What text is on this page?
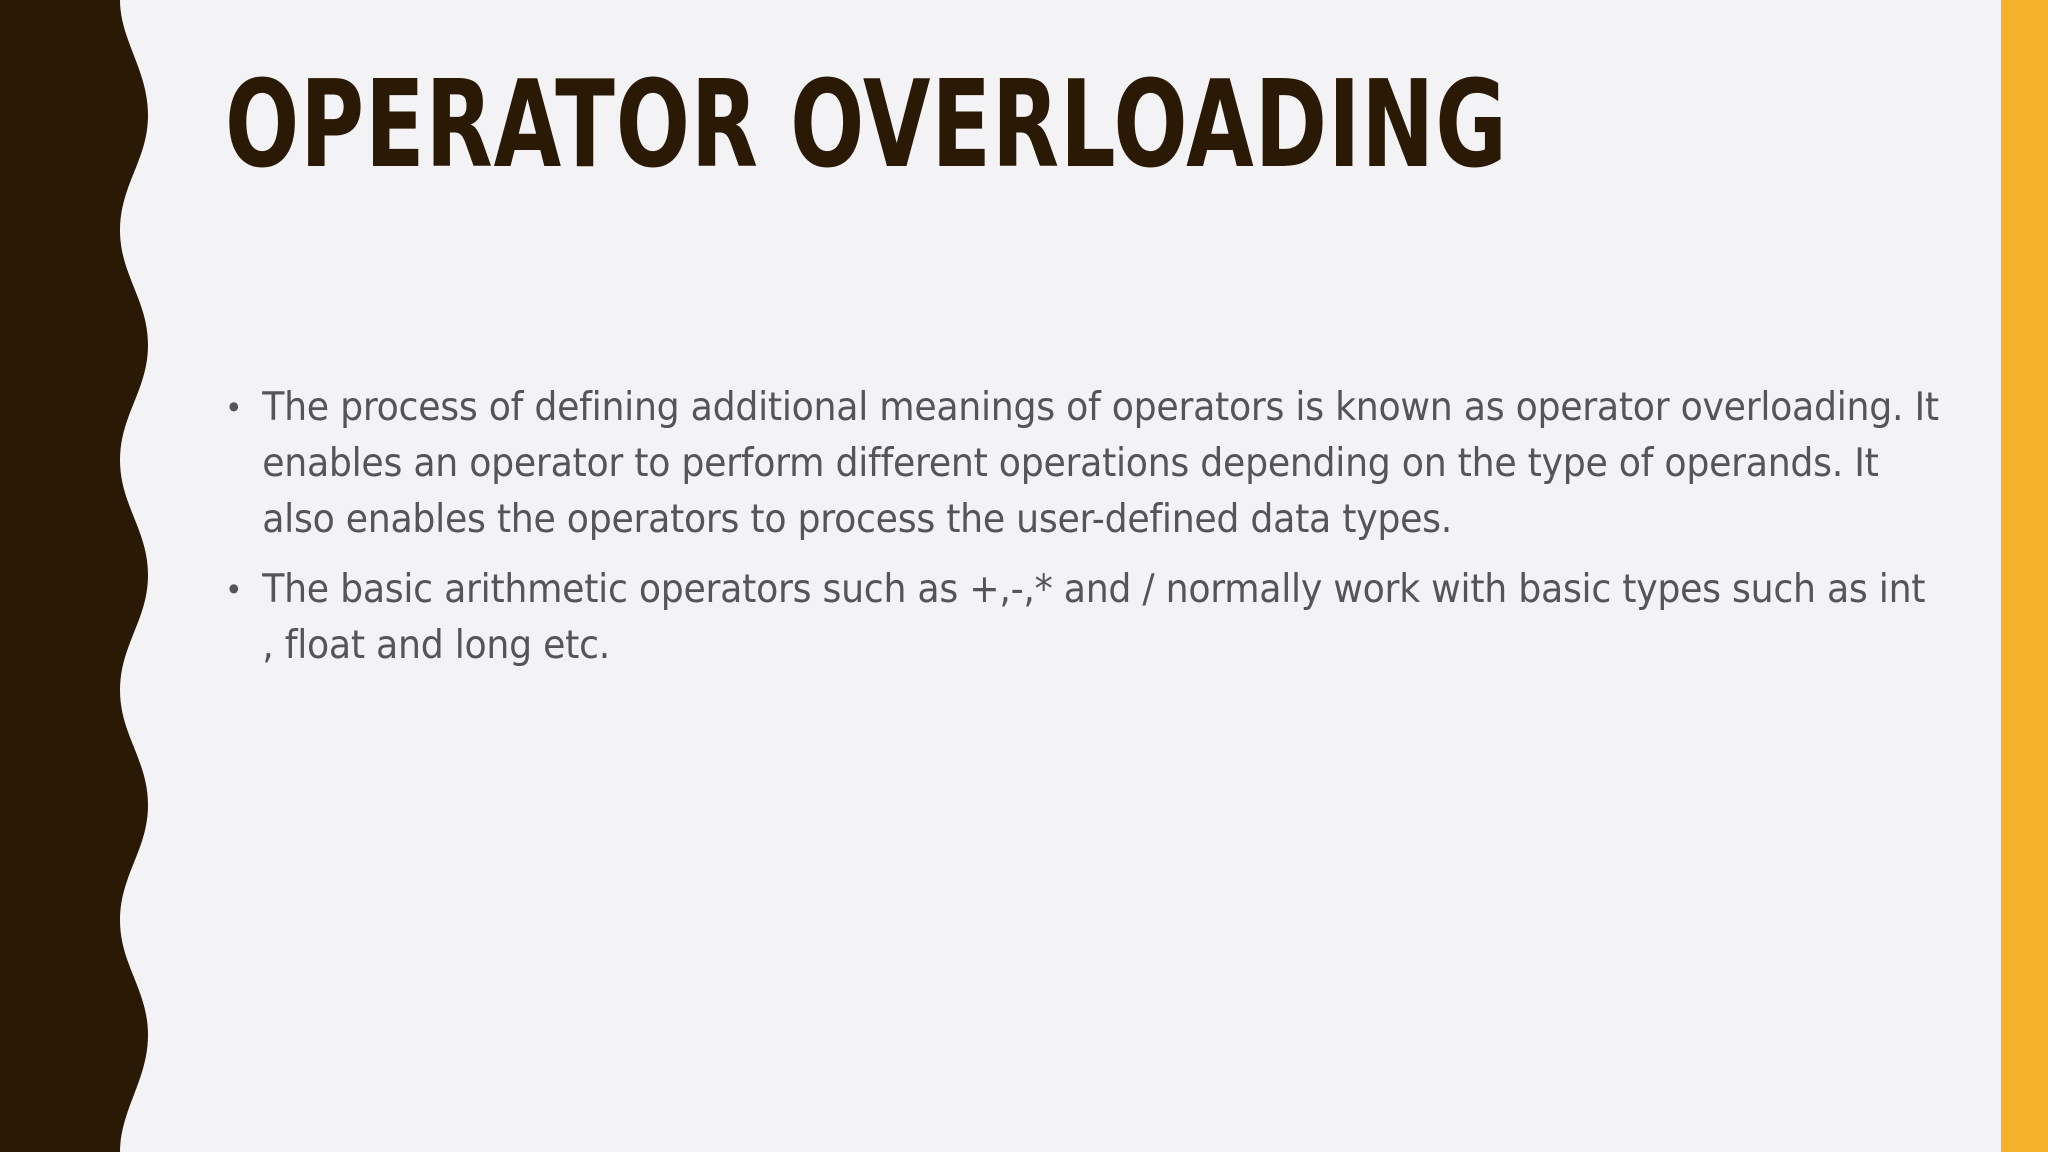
OPERATOR OVERLOADING
• The process of defining additional meanings of operators is known as operator overloading. It enables an operator to perform different operations depending on the type of operands. It also enables the operators to process the user-defined data types.
• The basic arithmetic operators such as +,-,* and / normally work with basic types such as int , float and long etc.
